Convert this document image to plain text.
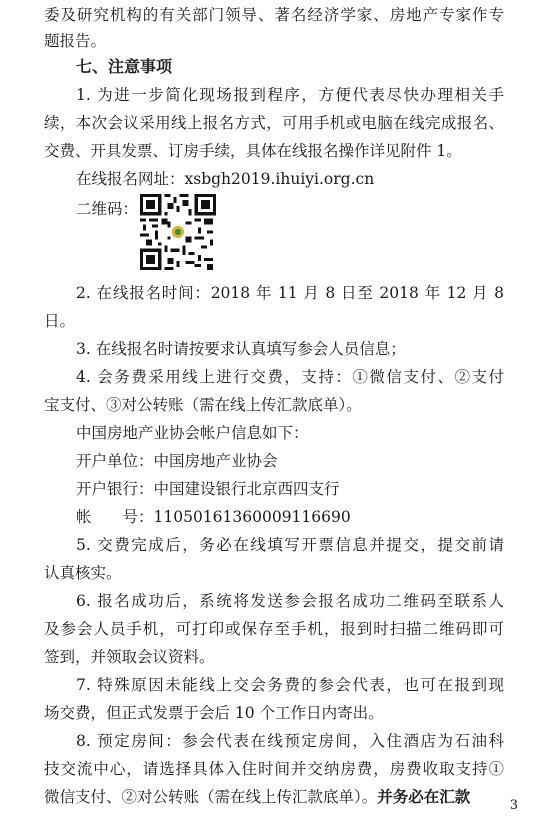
委及研究机构的有关部门领导、著名经济学家、房地产专家作专
题报告。
七、注意事项
1. 为进一步简化现场报到程序，方便代表尽快办理相关手
续，本次会议采用线上报名方式，可用手机或电脑在线完成报名、
交费、开具发票、订房手续，具体在线报名操作详见附件 1。
在线报名网址：xsbgh2019.ihuiyi.org.cn
二维码：
2. 在线报名时间：2018 年 11 月 8 日至 2018 年 12 月 8
日。
3. 在线报名时请按要求认真填写参会人员信息；
4. 会务费采用线上进行交费，支持：①微信支付、②支付
宝支付、③对公转账（需在线上传汇款底单）。
中国房地产业协会帐户信息如下：
开户单位：中国房地产业协会
开户银行：中国建设银行北京西四支行
帐　　号：11050161360009116690
5. 交费完成后，务必在线填写开票信息并提交，提交前请
认真核实。
6. 报名成功后，系统将发送参会报名成功二维码至联系人
及参会人员手机，可打印或保存至手机，报到时扫描二维码即可
签到，并领取会议资料。
7. 特殊原因未能线上交会务费的参会代表，也可在报到现
场交费，但正式发票于会后 10 个工作日内寄出。
8. 预定房间：参会代表在线预定房间，入住酒店为石油科
微信支付、②对公转账（需在线上传汇款底单）。并务必在汇款	3
技交流中心，请选择具体入住时间并交纳房费，房费收取支持①
